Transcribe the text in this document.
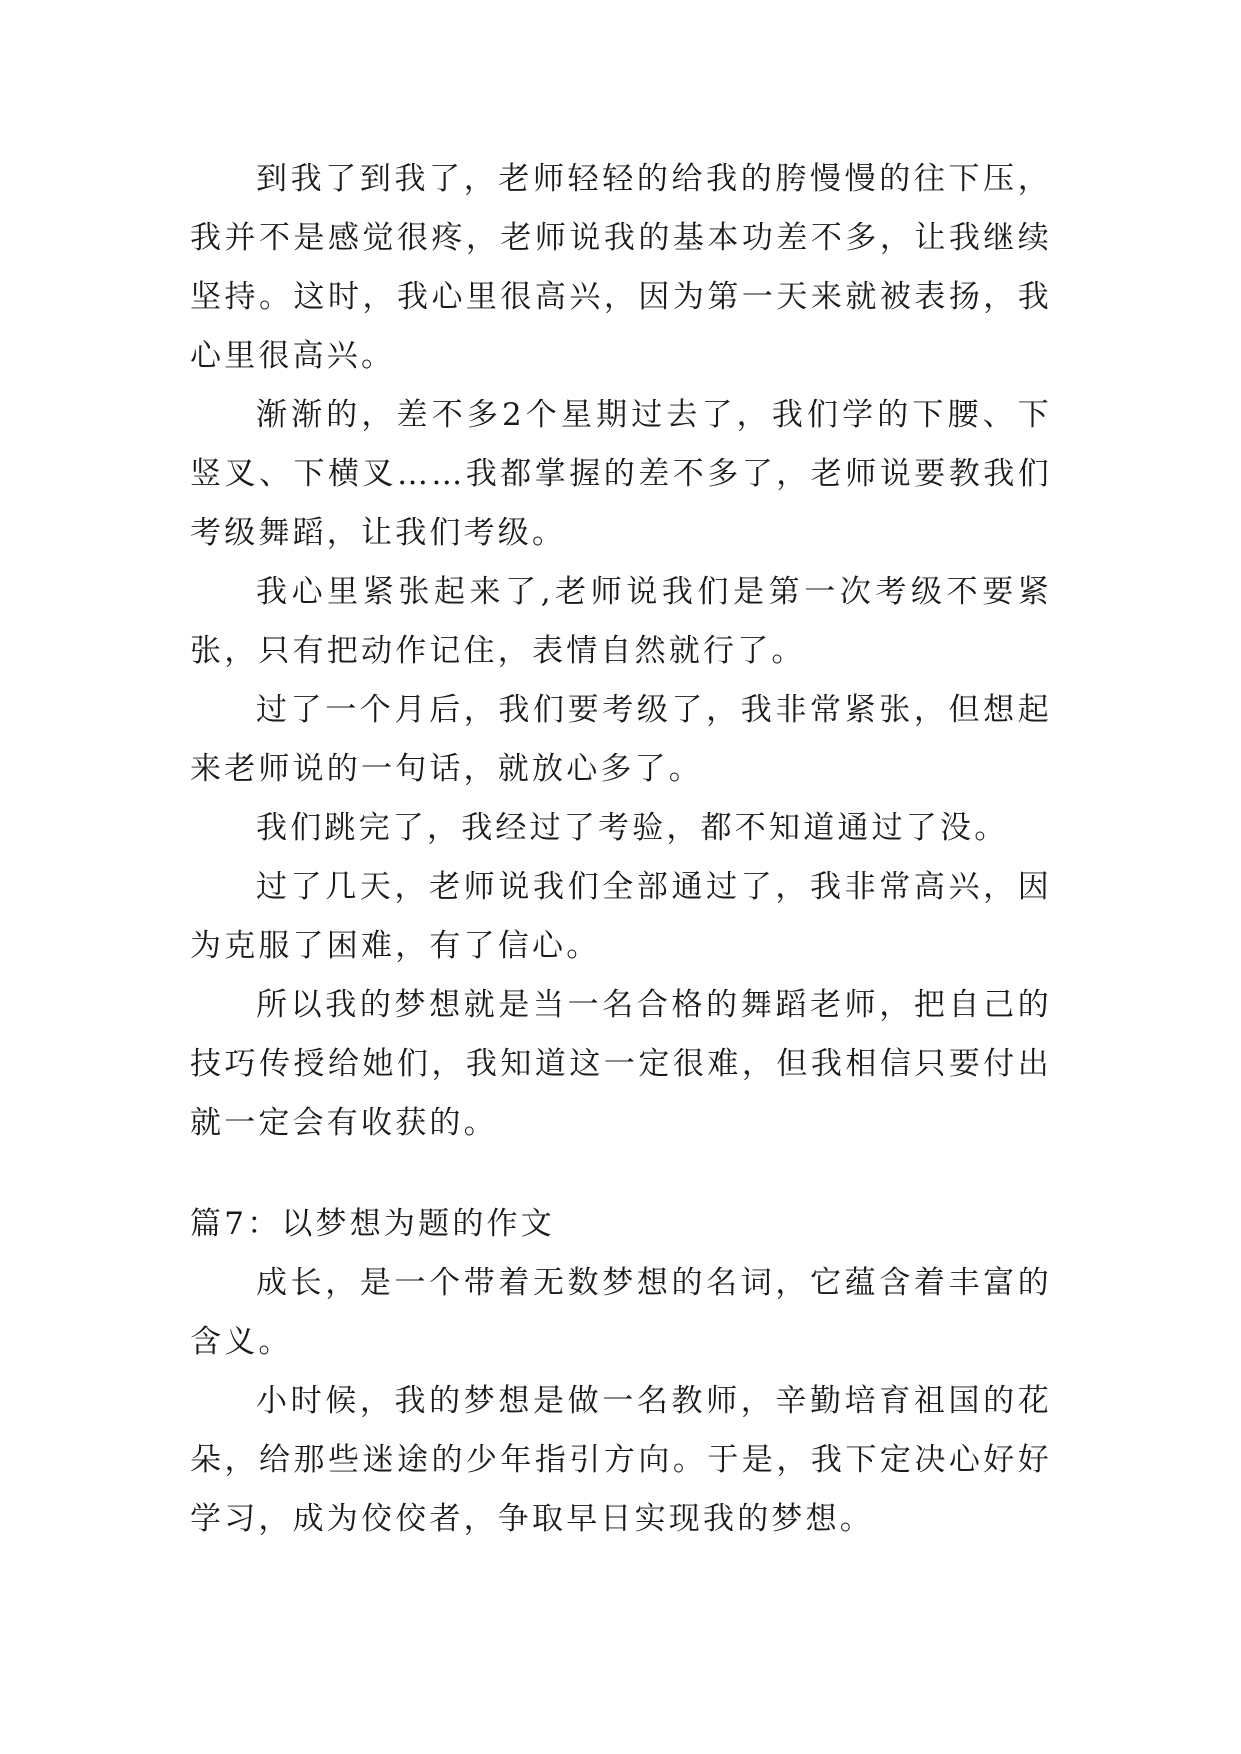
到我了到我了，老师轻轻的给我的胯慢慢的往下压，我并不是感觉很疼，老师说我的基本功差不多，让我继续坚持。这时，我心里很高兴，因为第一天来就被表扬，我心里很高兴。

渐渐的，差不多2个星期过去了，我们学的下腰、下竖叉、下横叉……我都掌握的差不多了，老师说要教我们考级舞蹈，让我们考级。

我心里紧张起来了,老师说我们是第一次考级不要紧张，只有把动作记住，表情自然就行了。

过了一个月后，我们要考级了，我非常紧张，但想起来老师说的一句话，就放心多了。

我们跳完了，我经过了考验，都不知道通过了没。

过了几天，老师说我们全部通过了，我非常高兴，因为克服了困难，有了信心。

所以我的梦想就是当一名合格的舞蹈老师，把自己的技巧传授给她们，我知道这一定很难，但我相信只要付出就一定会有收获的。

篇7：以梦想为题的作文

成长，是一个带着无数梦想的名词，它蕴含着丰富的含义。

小时候，我的梦想是做一名教师，辛勤培育祖国的花朵，给那些迷途的少年指引方向。于是，我下定决心好好学习，成为佼佼者，争取早日实现我的梦想。
